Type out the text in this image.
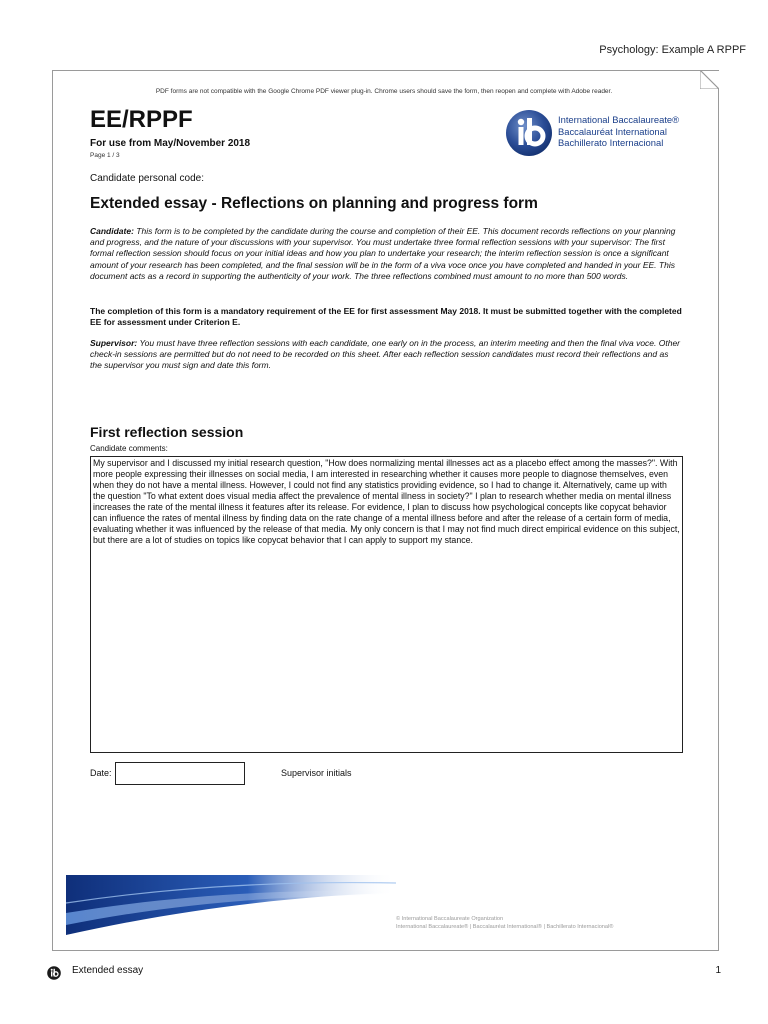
Psychology: Example A RPPF
PDF forms are not compatible with the Google Chrome PDF viewer plug-in. Chrome users should save the form, then reopen and complete with Adobe reader.
EE/RPPF
For use from May/November 2018
Page 1 / 3
International Baccalaureate®
Baccalauréat International
Bachillerato Internacional
Candidate personal code:
Extended essay - Reflections on planning and progress form
Candidate: This form is to be completed by the candidate during the course and completion of their EE. This document records reflections on your planning and progress, and the nature of your discussions with your supervisor. You must undertake three formal reflection sessions with your supervisor: The first formal reflection session should focus on your initial ideas and how you plan to undertake your research; the interim reflection session is once a significant amount of your research has been completed, and the final session will be in the form of a viva voce once you have completed and handed in your EE. This document acts as a record in supporting the authenticity of your work. The three reflections combined must amount to no more than 500 words.
The completion of this form is a mandatory requirement of the EE for first assessment May 2018. It must be submitted together with the completed EE for assessment under Criterion E.
Supervisor: You must have three reflection sessions with each candidate, one early on in the process, an interim meeting and then the final viva voce. Other check-in sessions are permitted but do not need to be recorded on this sheet. After each reflection session candidates must record their reflections and as the supervisor you must sign and date this form.
First reflection session
Candidate comments:
My supervisor and I discussed my initial research question, "How does normalizing mental illnesses act as a placebo effect among the masses?". With more people expressing their illnesses on social media, I am interested in researching whether it causes more people to diagnose themselves, even when they do not have a mental illness. However, I could not find any statistics providing evidence, so I had to change it. Alternatively, came up with the question "To what extent does visual media affect the prevalence of mental illness in society?" I plan to research whether media on mental illness increases the rate of the mental illness it features after its release. For evidence, I plan to discuss how psychological concepts like copycat behavior can influence the rates of mental illness by finding data on the rate change of a mental illness before and after the release of a certain form of media, evaluating whether it was influenced by the release of that media. My only concern is that I may not find much direct empirical evidence on this subject, but there are a lot of studies on topics like copycat behavior that I can apply to support my stance.
Date:	Supervisor initials
© International Baccalaureate Organization
International Baccalaureate® | Baccalauréat International® | Bachillerato Internacional®
Extended essay	1
